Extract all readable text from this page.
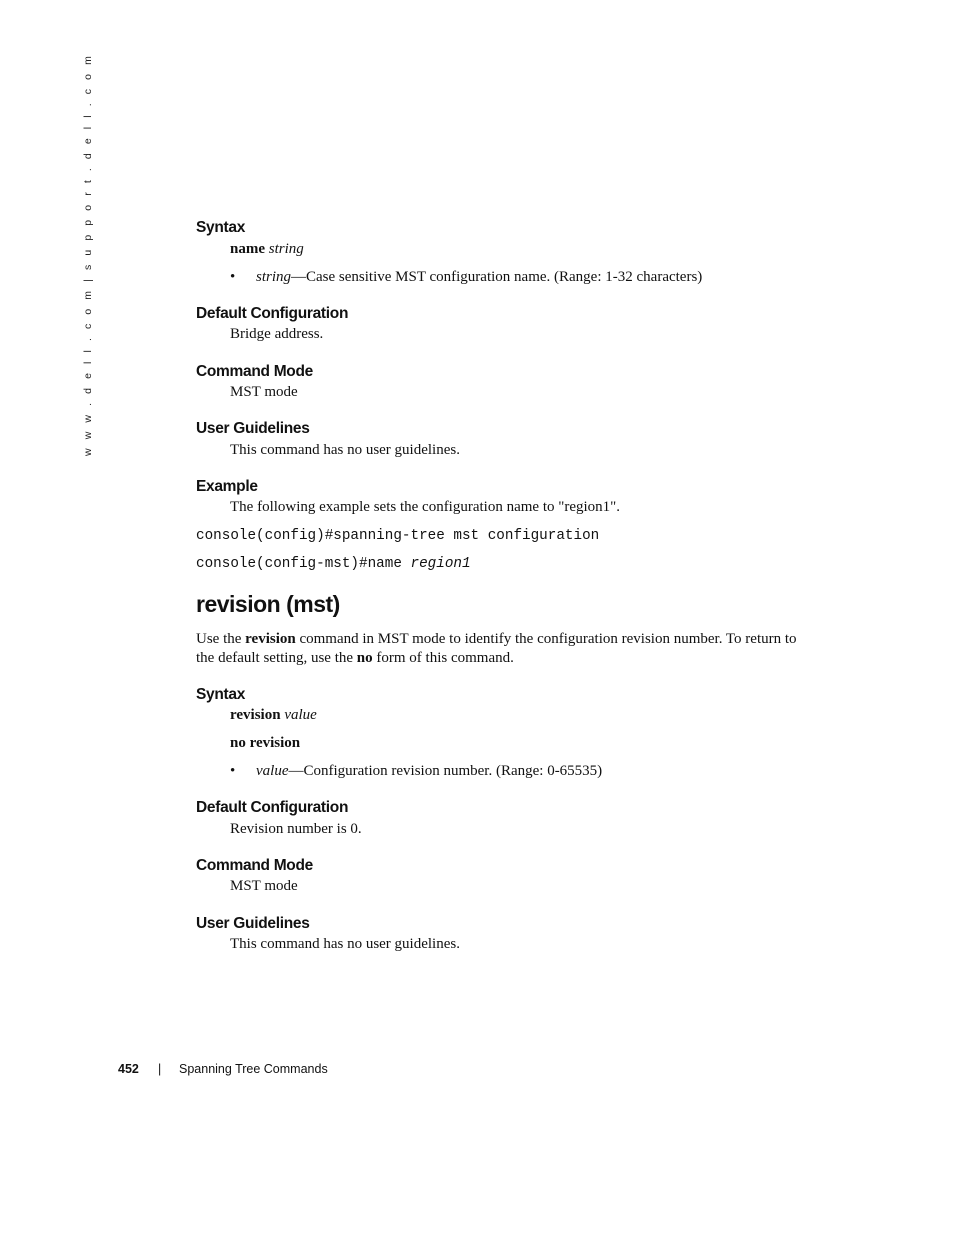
w w w . d e l l . c o m | s u p p o r t . d e l l . c o m	Syntax
name string
• string—Case sensitive MST configuration name. (Range: 1-32 characters)
Default Configuration
Bridge address.
Command Mode
MST mode
User Guidelines
This command has no user guidelines.
Example
The following example sets the configuration name to "region1".
console(config)#spanning-tree mst configuration
console(config-mst)#name region1
revision (mst)
Use the revision command in MST mode to identify the configuration revision number. To return to the default setting, use the no form of this command.
Syntax
revision value
no revision
• value—Configuration revision number. (Range: 0-65535)
Default Configuration
Revision number is 0.
Command Mode
MST mode
User Guidelines
This command has no user guidelines.
452 | Spanning Tree Commands
